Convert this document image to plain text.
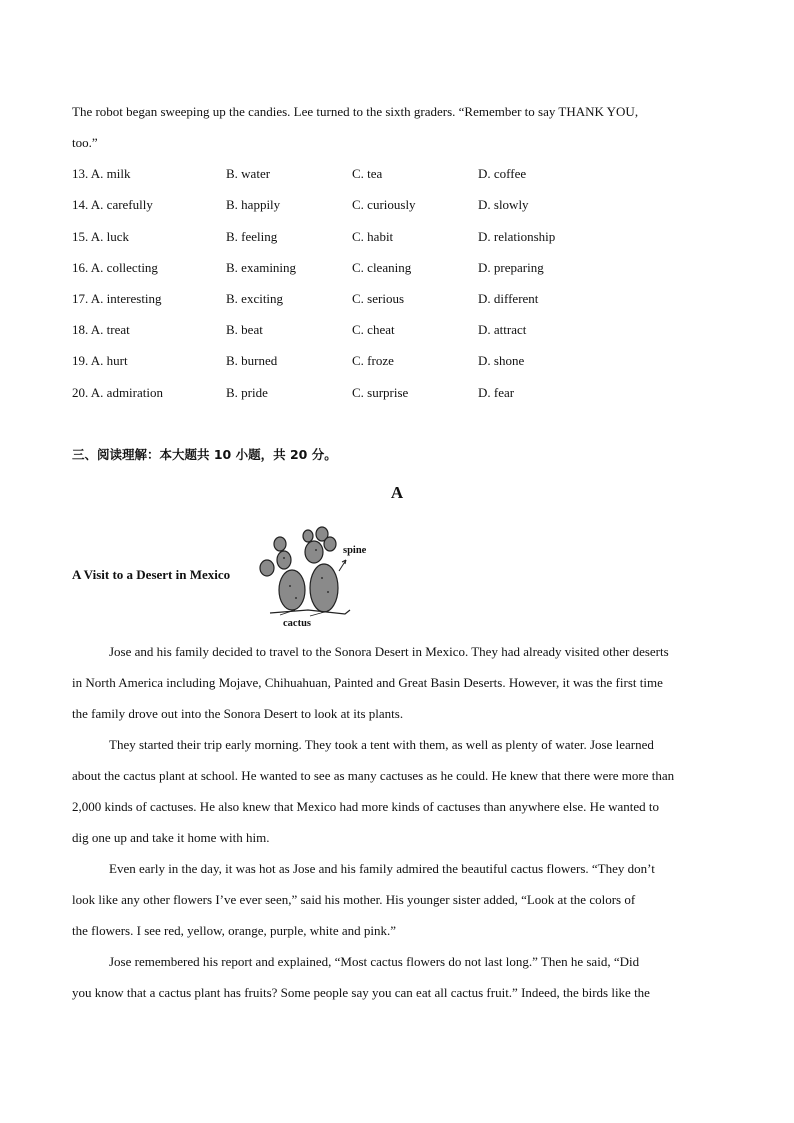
The robot began sweeping up the candies. Lee turned to the sixth graders. “Remember to say THANK YOU,
too.”
13. A. milk	B. water	C. tea	D. coffee
14. A. carefully	B. happily	C. curiously	D. slowly
15. A. luck	B. feeling	C. habit	D. relationship
16. A. collecting	B. examining	C. cleaning	D. preparing
17. A. interesting	B. exciting	C. serious	D. different
18. A. treat	B. beat	C. cheat	D. attract
19. A. hurt	B. burned	C. froze	D. shone
20. A. admiration	B. pride	C. surprise	D. fear
三、阅读理解：本大题共 10 小题，共 20 分。
A
A Visit to a Desert in Mexico
spine
cactus

Jose and his family decided to travel to the Sonora Desert in Mexico. They had already visited other deserts

in North America including Mojave, Chihuahuan, Painted and Great Basin Deserts. However, it was the first time

the family drove out into the Sonora Desert to look at its plants.

They started their trip early morning. They took a tent with them, as well as plenty of water. Jose learned

about the cactus plant at school. He wanted to see as many cactuses as he could. He knew that there were more than

2,000 kinds of cactuses. He also knew that Mexico had more kinds of cactuses than anywhere else. He wanted to

dig one up and take it home with him.

Even early in the day, it was hot as Jose and his family admired the beautiful cactus flowers. “They don’t

look like any other flowers I’ve ever seen,” said his mother. His younger sister added, “Look at the colors of

the flowers. I see red, yellow, orange, purple, white and pink.”

Jose remembered his report and explained, “Most cactus flowers do not last long.” Then he said, “Did

you know that a cactus plant has fruits? Some people say you can eat all cactus fruit.” Indeed, the birds like the
